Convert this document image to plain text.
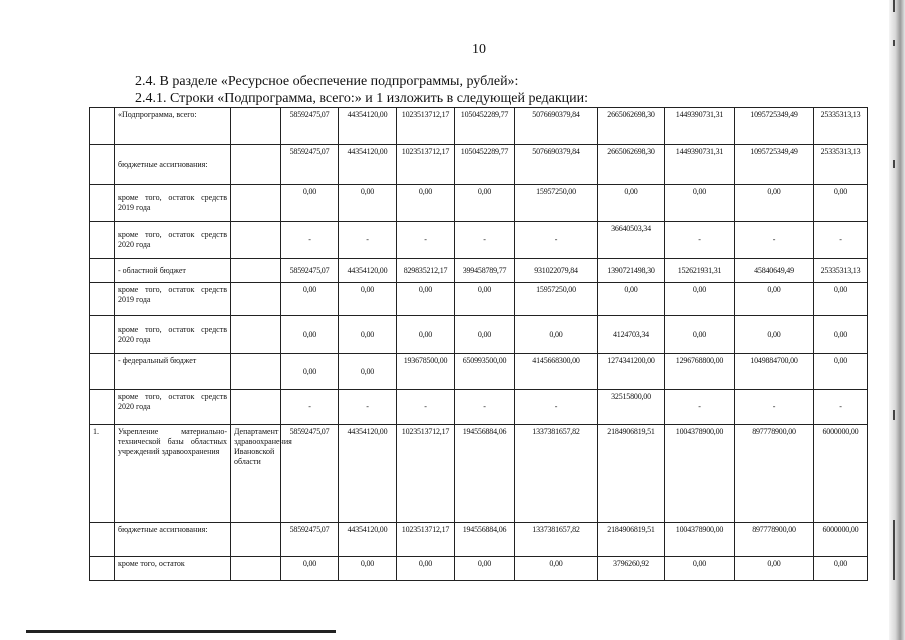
10
2.4. В разделе «Ресурсное обеспечение подпрограммы, рублей»:
2.4.1. Строки «Подпрограмма, всего:» и 1 изложить в следующей редакции:
	«Подпрограмма, всего:		58592475,07	44354120,00	1023513712,17	1050452289,77	5076690379,84	2665062698,30	1449390731,31	1095725349,49	25335313,13
	бюджетные ассигнования:		58592475,07	44354120,00	1023513712,17	1050452289,77	5076690379,84	2665062698,30	1449390731,31	1095725349,49	25335313,13
	кроме того, остаток средств 2019 года		0,00	0,00	0,00	0,00	15957250,00	0,00	0,00	0,00	0,00
	кроме того, остаток средств 2020 года		-	-	-	-	-	36640503,34	-	-	-
	- областной бюджет		58592475,07	44354120,00	829835212,17	399458789,77	931022079,84	1390721498,30	152621931,31	45840649,49	25335313,13
	кроме того, остаток средств 2019 года		0,00	0,00	0,00	0,00	15957250,00	0,00	0,00	0,00	0,00
	кроме того, остаток средств 2020 года		0,00	0,00	0,00	0,00	0,00	4124703,34	0,00	0,00	0,00
	- федеральный бюджет		0,00	0,00	193678500,00	650993500,00	4145668300,00	1274341200,00	1296768800,00	1049884700,00	0,00
	кроме того, остаток средств 2020 года		-	-	-	-	-	32515800,00	-	-	-
1.	Укрепление материально-технической базы областных учреждений здравоохранения	Департамент здравоохранения Ивановской области	58592475,07	44354120,00	1023513712,17	194556884,06	1337381657,82	2184906819,51	1004378900,00	897778900,00	6000000,00
	бюджетные ассигнования:		58592475,07	44354120,00	1023513712,17	194556884,06	1337381657,82	2184906819,51	1004378900,00	897778900,00	6000000,00
	кроме того, остаток		0,00	0,00	0,00	0,00	0,00	3796260,92	0,00	0,00	0,00
